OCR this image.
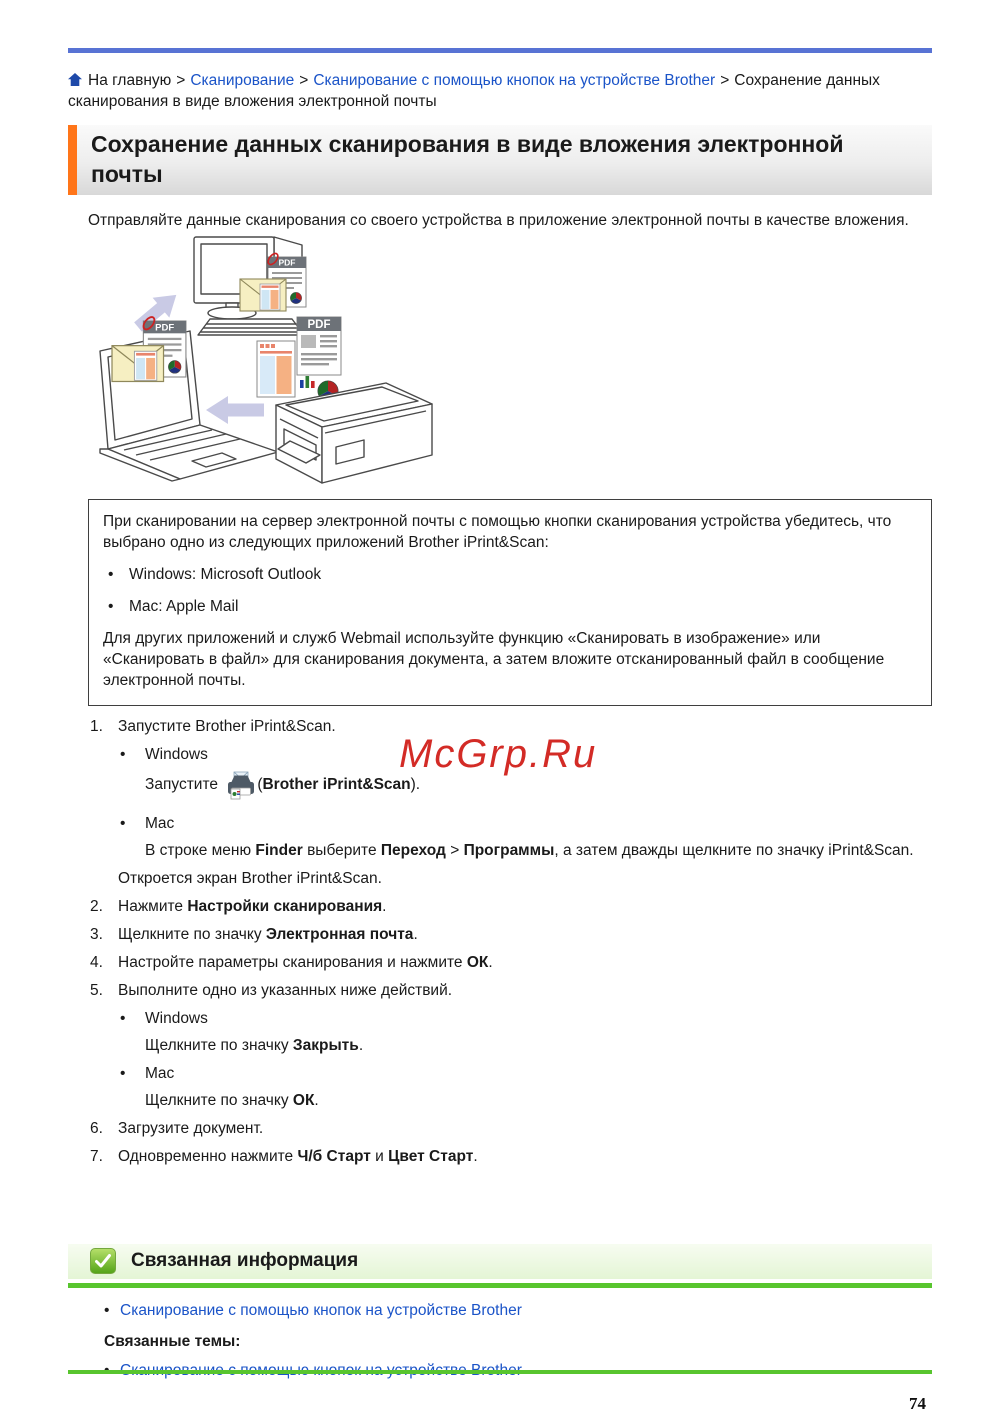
На главную > Сканирование > Сканирование с помощью кнопок на устройстве Brother > Сохранение данных сканирования в виде вложения электронной почты
Сохранение данных сканирования в виде вложения электронной почты

Отправляйте данные сканирования со своего устройства в приложение электронной почты в качестве вложения.

PDF
PDF
При сканировании на сервер электронной почты с помощью кнопки сканирования устройства убедитесь, что выбрано одно из следующих приложений Brother iPrint&Scan:
•	Windows: Microsoft Outlook
•	Mac: Apple Mail
Для других приложений и служб Webmail используйте функцию «Сканировать в изображение» или «Сканировать в файл» для сканирования документа, а затем вложите отсканированный файл в сообщение электронной почты.
1. Запустите Brother iPrint&Scan.
•	Windows
Запустите (Brother iPrint&Scan).
•	Mac
В строке меню Finder выберите Переход > Программы, а затем дважды щелкните по значку iPrint&Scan.
Откроется экран Brother iPrint&Scan.
2. Нажмите Настройки сканирования.
3. Щелкните по значку Электронная почта.
4. Настройте параметры сканирования и нажмите ОК.
5. Выполните одно из указанных ниже действий.
•	Windows
Щелкните по значку Закрыть.
•	Mac
Щелкните по значку ОК.
6. Загрузите документ.
7. Одновременно нажмите Ч/б Старт и Цвет Старт.
McGrp.Ru
Связанная информация
• Сканирование с помощью кнопок на устройстве Brother
Связанные темы:
74
